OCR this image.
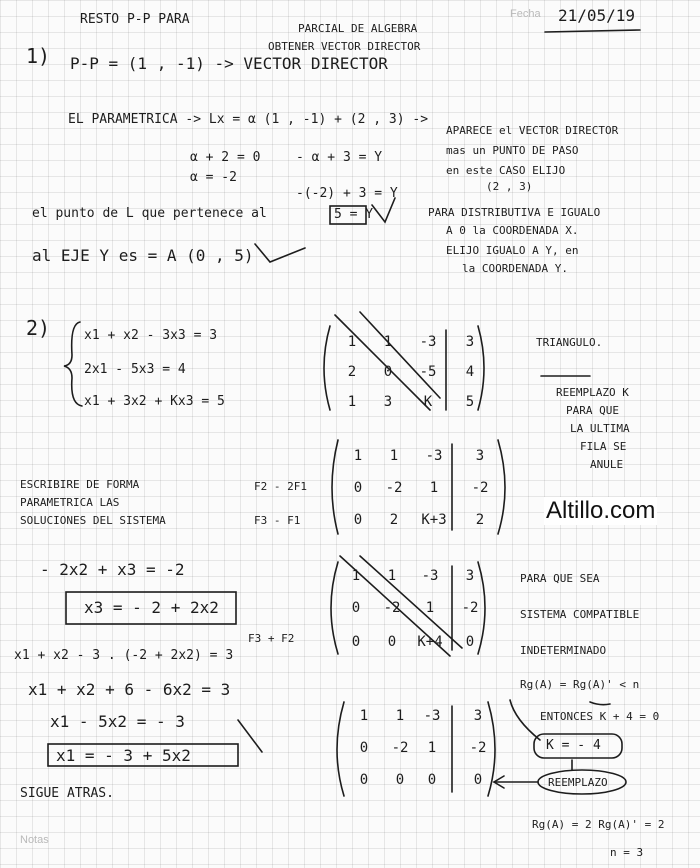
RESTO P-P PARA
PARCIAL DE ALGEBRA
OBTENER VECTOR DIRECTOR
Fecha 21/05/19
1) P-P = (1 , -1) -> VECTOR DIRECTOR
EL PARAMETRICA -> Lx = α (1 , -1) + (2 , 3) ->
APARECE el VECTOR DIRECTOR
mas un PUNTO DE PASO
en este CASO ELIJO
(2 , 3)
α + 2 = 0
α = -2
- α + 3 = Y
-(-2) + 3 = Y
5 = Y	PARA DISTRIBUTIVA E IGUALO
A 0 la COORDENADA X.
ELIJO IGUALO A Y, en
la COORDENADA Y.
el punto de L que pertenece al
al EJE Y es = A (0 , 5)
2)	x1 + x2 - 3x3 = 3
2x1 - 5x3 = 4
x1 + 3x2 + Kx3 = 5
1	1	-3	3
2	0	-5	4
1	3	K	5
TRIANGULO.
REEMPLAZO K
PARA QUE
LA ULTIMA
FILA SE
ANULE
1	1	-3	3
0	-2	1	-2
0	2	K+3	2
F2 - 2F1
F3 - F1
ESCRIBIRE DE FORMA
PARAMETRICA LAS
SOLUCIONES DEL SISTEMA	Altillo.com
- 2x2 + x3 = -2
x3 = - 2 + 2x2
1	1	-3	3
0	-2	1	-2
0	0	K+4	0
F3 + F2
x1 + x2 - 3 . (-2 + 2x2) = 3
x1 + x2 + 6 - 6x2 = 3
x1 - 5x2 = - 3
x1 = - 3 + 5x2
SIGUE ATRAS.
PARA QUE SEA
SISTEMA COMPATIBLE
INDETERMINADO
Rg(A) = Rg(A)' < n
ENTONCES K + 4 = 0
K = - 4
REEMPLAZO
1	1	-3	3
0	-2	1	-2
0	0	0	0
Rg(A) = 2 Rg(A)' = 2
n = 3
Notas
